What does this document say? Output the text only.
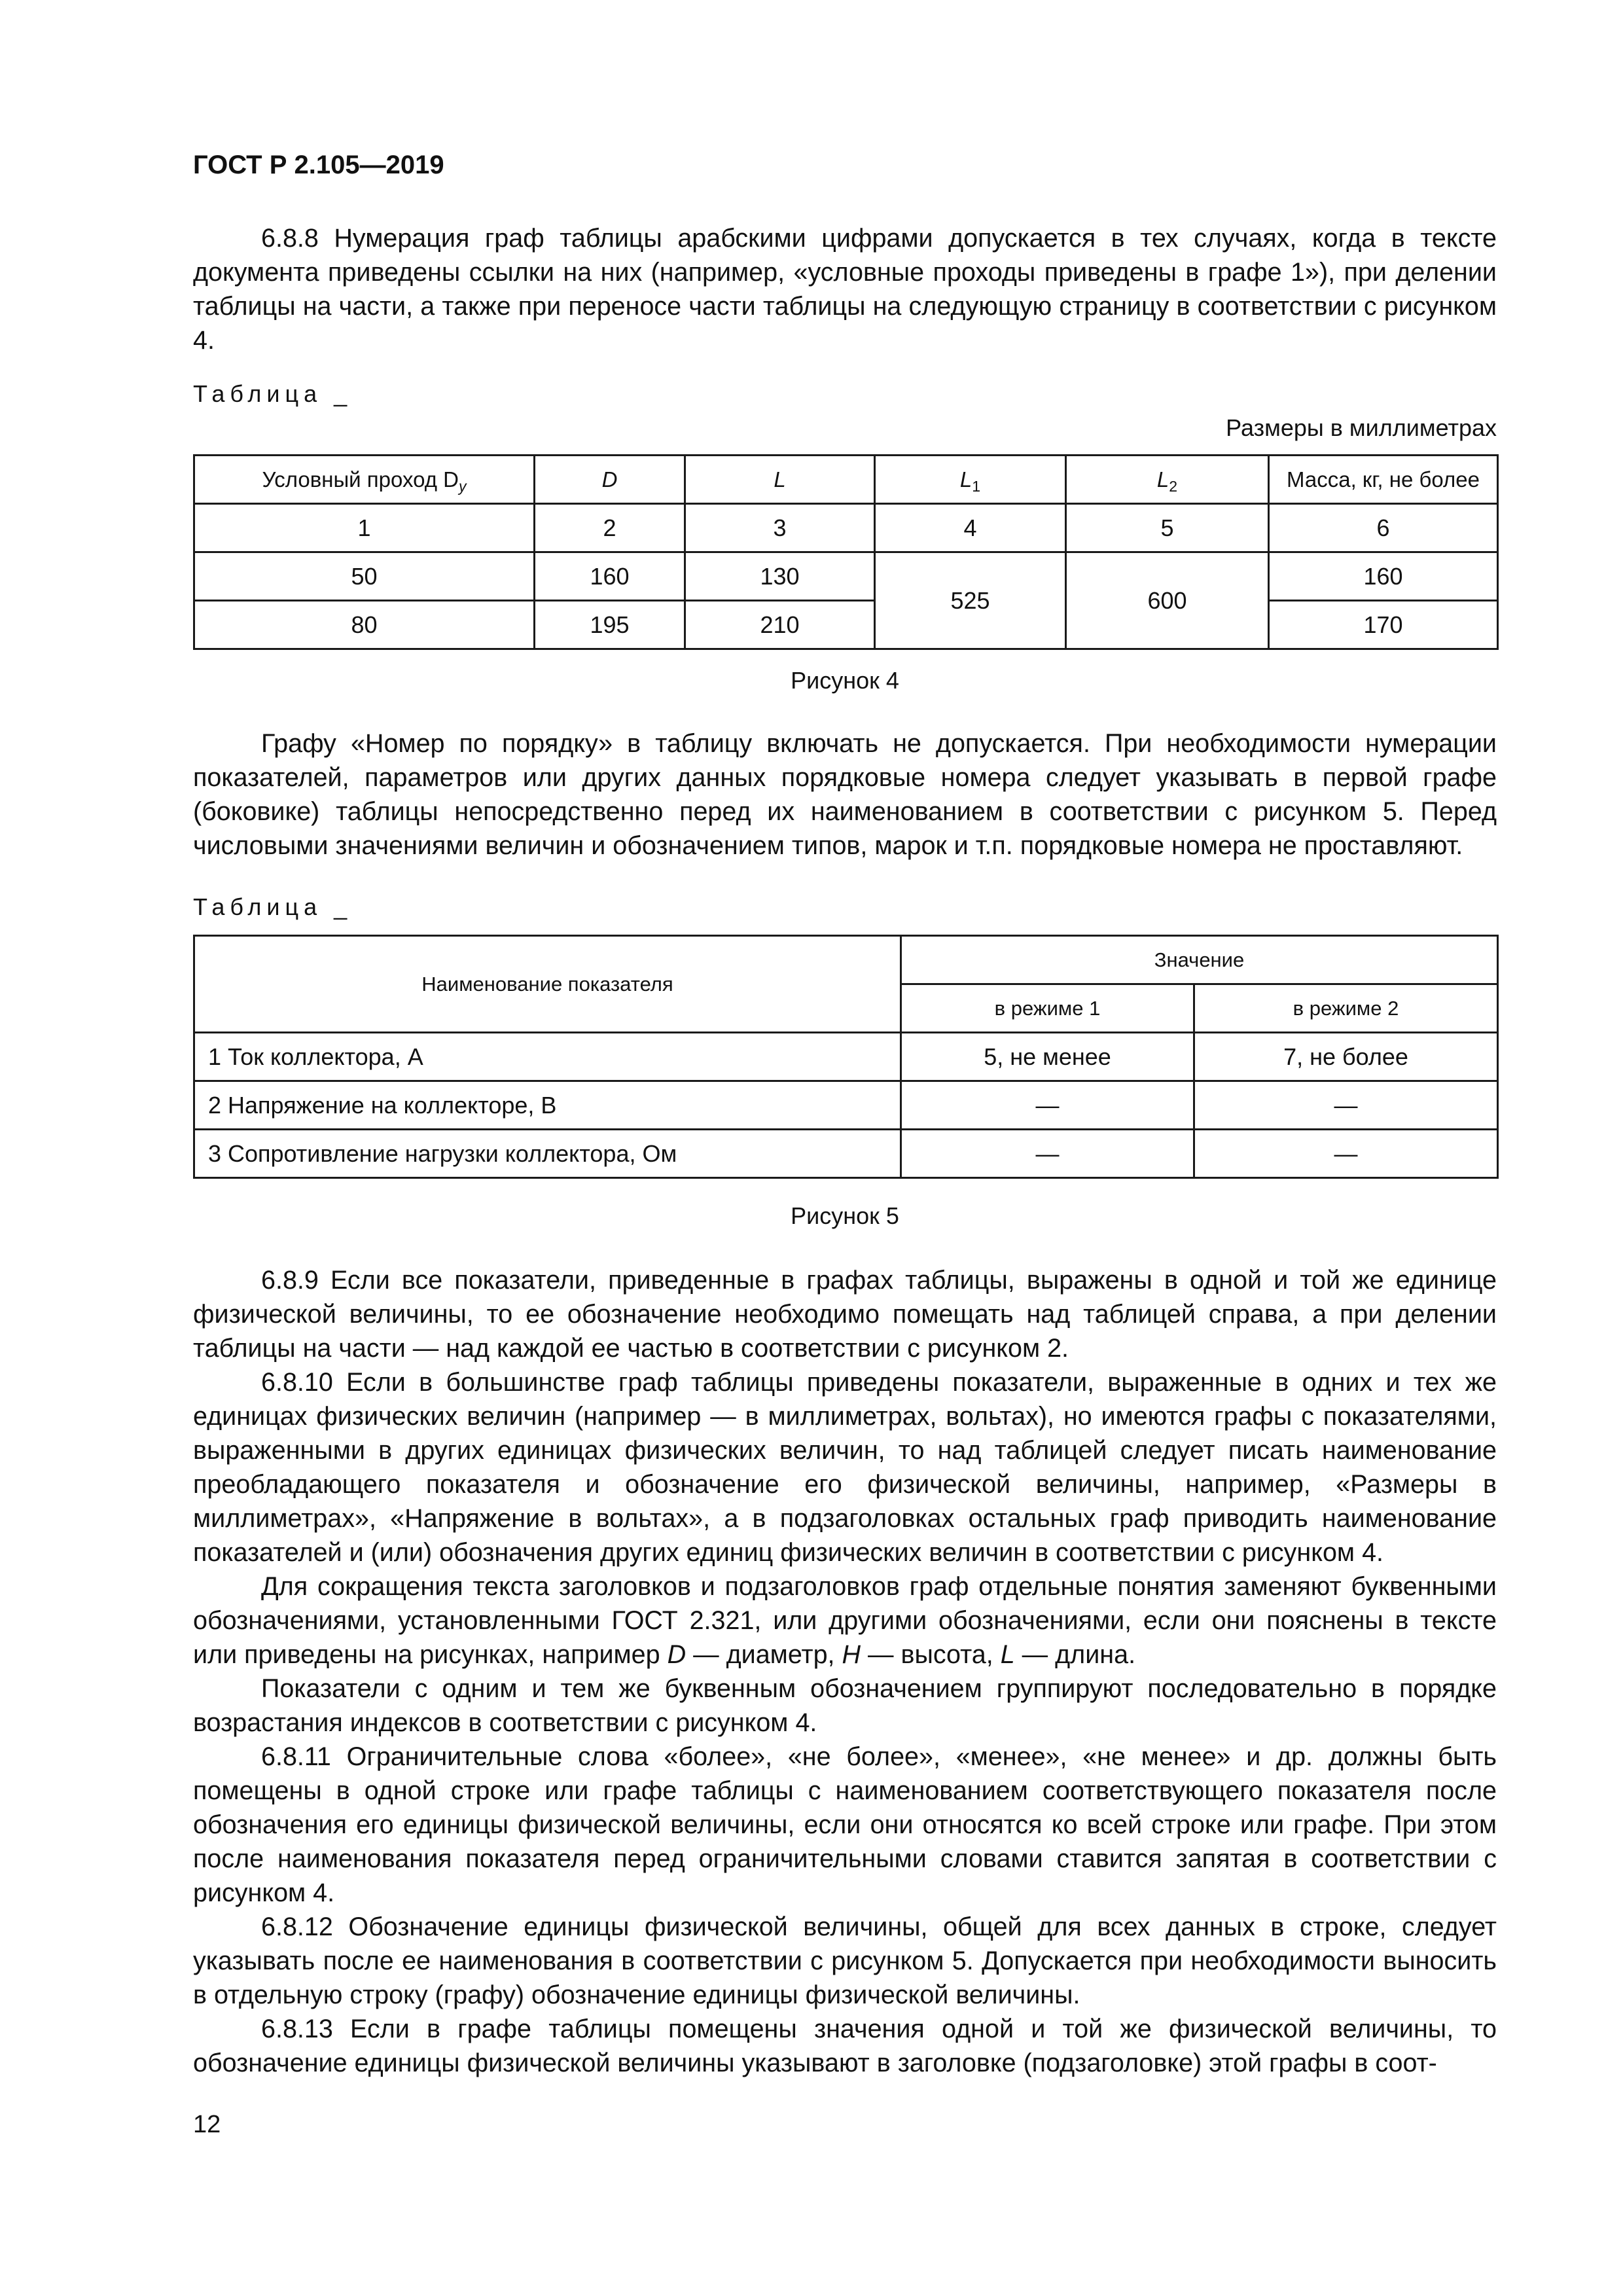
ГОСТ Р 2.105—2019

6.8.8 Нумерация граф таблицы арабскими цифрами допускается в тех случаях, когда в тексте документа приведены ссылки на них (например, «условные проходы приведены в графе 1»), при делении таблицы на части, а также при переносе части таблицы на следующую страницу в соответствии с рисунком 4.

Таблица _
Размеры в миллиметрах
Условный проход $D_y$	D	L	$L_1$	$L_2$	Масса, кг, не более
1	2	3	4	5	6
50	160	130	525	600	160
80	195	210			170
Рисунок 4

Графу «Номер по порядку» в таблицу включать не допускается. При необходимости нумерации показателей, параметров или других данных порядковые номера следует указывать в первой графе (боковике) таблицы непосредственно перед их наименованием в соответствии с рисунком 5. Перед числовыми значениями величин и обозначением типов, марок и т.п. порядковые номера не проставляют.

Таблица _
Наименование показателя	Значение	
	в режиме 1	в режиме 2
1 Ток коллектора, А	5, не менее	7, не более
2 Напряжение на коллекторе, В	—	—
3 Сопротивление нагрузки коллектора, Ом	—	—
Рисунок 5

6.8.9 Если все показатели, приведенные в графах таблицы, выражены в одной и той же единице физической величины, то ее обозначение необходимо помещать над таблицей справа, а при делении таблицы на части — над каждой ее частью в соответствии с рисунком 2.

6.8.10 Если в большинстве граф таблицы приведены показатели, выраженные в одних и тех же единицах физических величин (например — в миллиметрах, вольтах), но имеются графы с показателями, выраженными в других единицах физических величин, то над таблицей следует писать наименование преобладающего показателя и обозначение его физической величины, например, «Размеры в миллиметрах», «Напряжение в вольтах», а в подзаголовках остальных граф приводить наименование показателей и (или) обозначения других единиц физических величин в соответствии с рисунком 4.

Для сокращения текста заголовков и подзаголовков граф отдельные понятия заменяют буквенными обозначениями, установленными ГОСТ 2.321, или другими обозначениями, если они пояснены в тексте или приведены на рисунках, например D — диаметр, H — высота, L — длина.

Показатели с одним и тем же буквенным обозначением группируют последовательно в порядке возрастания индексов в соответствии с рисунком 4.

6.8.11 Ограничительные слова «более», «не более», «менее», «не менее» и др. должны быть помещены в одной строке или графе таблицы с наименованием соответствующего показателя после обозначения его единицы физической величины, если они относятся ко всей строке или графе. При этом после наименования показателя перед ограничительными словами ставится запятая в соответствии с рисунком 4.

6.8.12 Обозначение единицы физической величины, общей для всех данных в строке, следует указывать после ее наименования в соответствии с рисунком 5. Допускается при необходимости выносить в отдельную строку (графу) обозначение единицы физической величины.

6.8.13 Если в графе таблицы помещены значения одной и той же физической величины, то обозначение единицы физической величины указывают в заголовке (подзаголовке) этой графы в соот-

12
